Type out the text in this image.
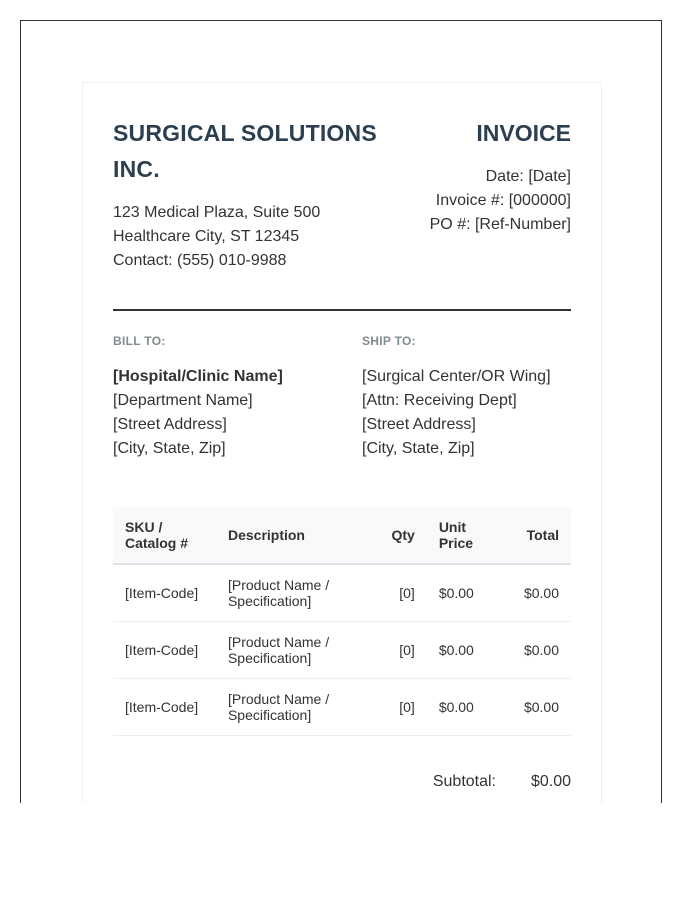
SURGICAL SOLUTIONS INC.
123 Medical Plaza, Suite 500
Healthcare City, ST 12345
Contact: (555) 010-9988
INVOICE
Date: [Date]
Invoice #: [000000]
PO #: [Ref-Number]
BILL TO:	SHIP TO:
[Hospital/Clinic Name]
[Department Name]
[Street Address]
[City, State, Zip]
[Surgical Center/OR Wing]
[Attn: Receiving Dept]
[Street Address]
[City, State, Zip]
SKU / Catalog #	Description	Qty	Unit Price	Total
[Item-Code]	[Product Name / Specification]	[0]	$0.00	$0.00
[Item-Code]	[Product Name / Specification]	[0]	$0.00	$0.00
[Item-Code]	[Product Name / Specification]	[0]	$0.00	$0.00
Subtotal: $0.00
